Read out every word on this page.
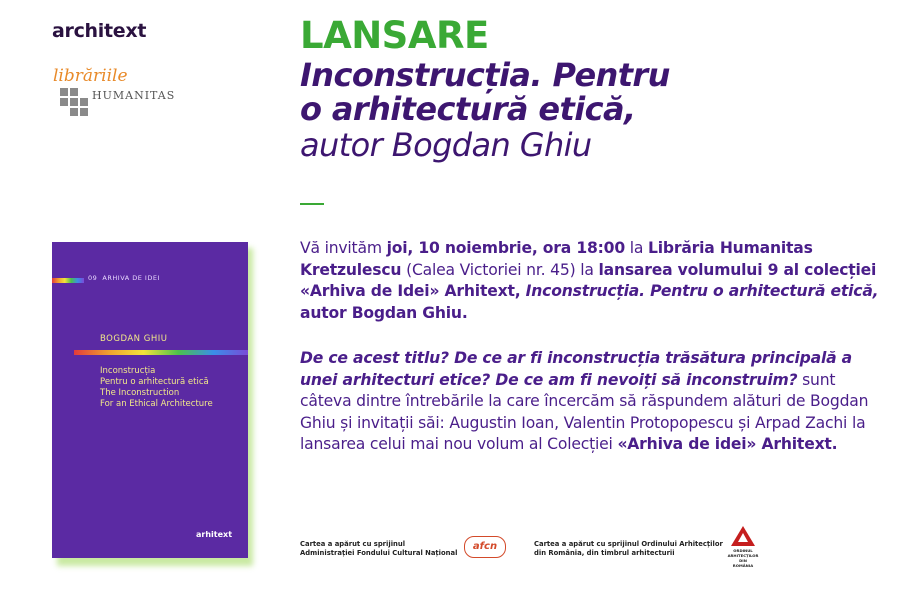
architext
librăriile
HUMANITAS
LANSARE
Inconstrucția. Pentru
o arhitectură etică,
autor Bogdan Ghiu
Vă invităm joi, 10 noiembrie, ora 18:00 la Librăria Humanitas Kretzulescu (Calea Victoriei nr. 45) la lansarea volumului 9 al colecției «Arhiva de Idei» Arhitext, Inconstrucția. Pentru o arhitectură etică, autor Bogdan Ghiu.
De ce acest titlu? De ce ar fi inconstrucția trăsătura principală a unei arhitecturi etice? De ce am fi nevoiți să inconstruim? sunt câteva dintre întrebările la care încercăm să răspundem alături de Bogdan Ghiu și invitații săi: Augustin Ioan, Valentin Protopopescu și Arpad Zachi la lansarea celui mai nou volum al Colecției «Arhiva de idei» Arhitext.
09 ARHIVA DE IDEI
BOGDAN GHIU
Inconstrucția
Pentru o arhitectură etică
The Inconstruction
For an Ethical Architecture
arhitext
Cartea a apărut cu sprijinul
Administrației Fondului Cultural Național
afcn	Cartea a apărut cu sprijinul Ordinului Arhitecților
din România, din timbrul arhitecturii	ORDINUL
ARHITECȚILOR
DIN
ROMÂNIA
